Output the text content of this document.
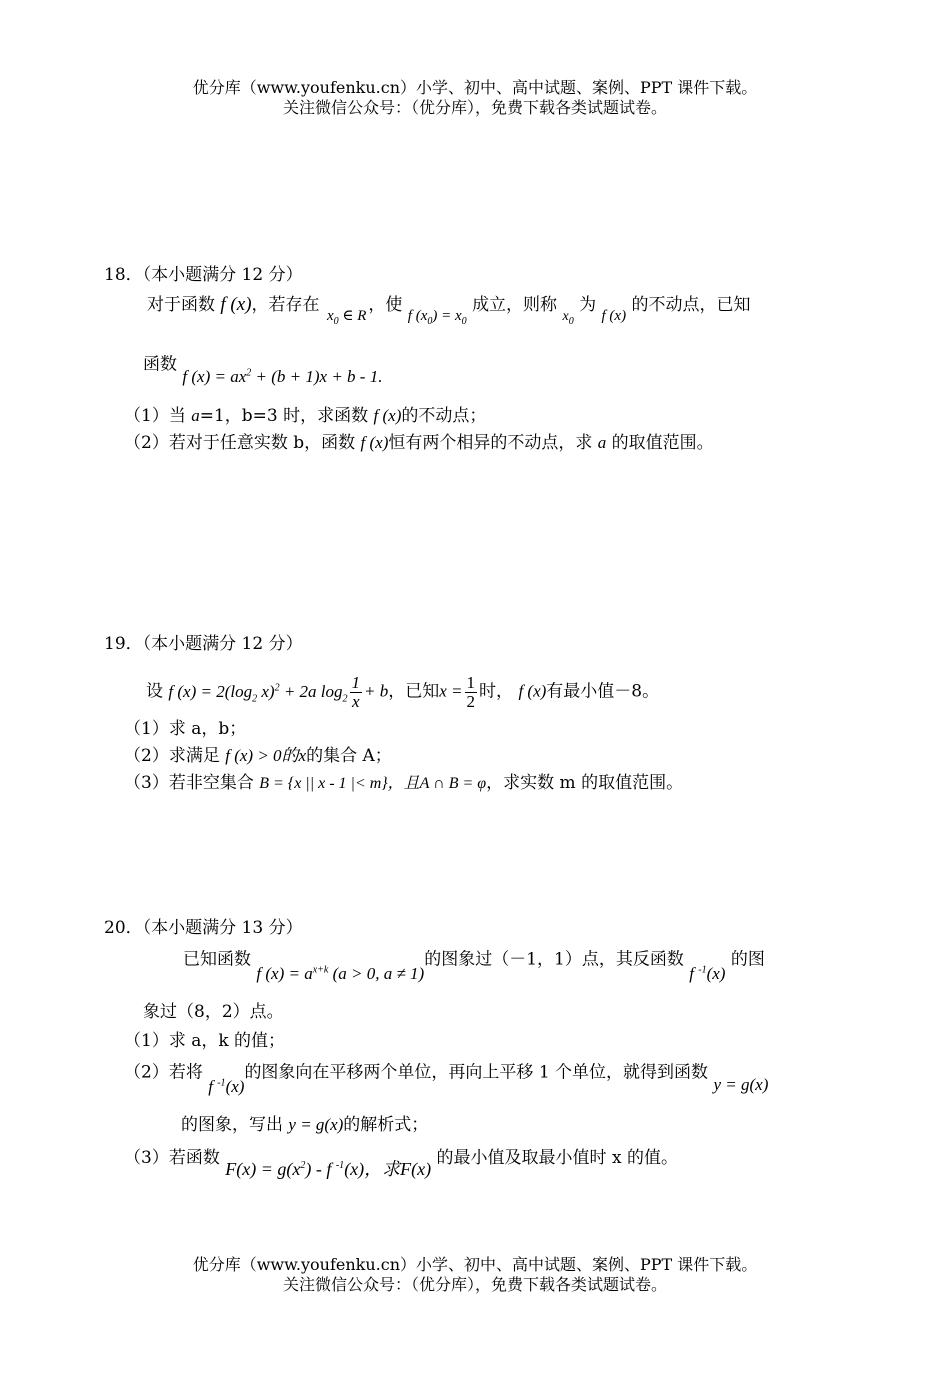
优分库（www.youfenku.cn）小学、初中、高中试题、案例、PPT 课件下载。
关注微信公众号：（优分库），免费下载各类试题试卷。
18．（本小题满分 12 分）
对于函数 f (x)，若存在 $x_0$ ∈ R，使 f $(x_0) = x_0$ 成立，则称 $_{x_0}$ 为 f (x) 的不动点，已知
函数 f $(x) = ax^2 + (b + 1)x + b - 1$.
（1）当 a=1，b=3 时，求函数 f (x)的不动点；
（2）若对于任意实数 b，函数 f (x)恒有两个相异的不动点，求 a 的取值范围。
19．（本小题满分 12 分）
设 f $(x) = 2(\log_2$ x)$^2$ + 2a $\log_2 \frac{1}{x} + b$，已知$x = \frac{1}{2}$ 时， f (x)有最小值－8。
（1）求 a，b；
（2）求满足 f (x) > 0的x的集合 A；
（3）若非空集合 B = {x || x - 1 |< m}，且A ∩ B = φ，求实数 m 的取值范围。
20．（本小题满分 13 分）
已知函数 f $(x) = a^{x+k}$ (a > 0, a ≠ 1)的图象过（－1，1）点，其反函数 f $^{-1}$(x) 的图
象过（8，2）点。
（1）求 a，k 的值；
（2）若将 f $^{-1}$(x)的图象向在平移两个单位，再向上平移 1 个单位，就得到函数 y = g(x)
的图象，写出 y = g(x)的解析式；
（3）若函数 $F(x) = g(x^2) - f$ $^{-1}$(x)，求F(x) 的最小值及取最小值时 x 的值。
优分库（www.youfenku.cn）小学、初中、高中试题、案例、PPT 课件下载。
关注微信公众号：（优分库），免费下载各类试题试卷。
